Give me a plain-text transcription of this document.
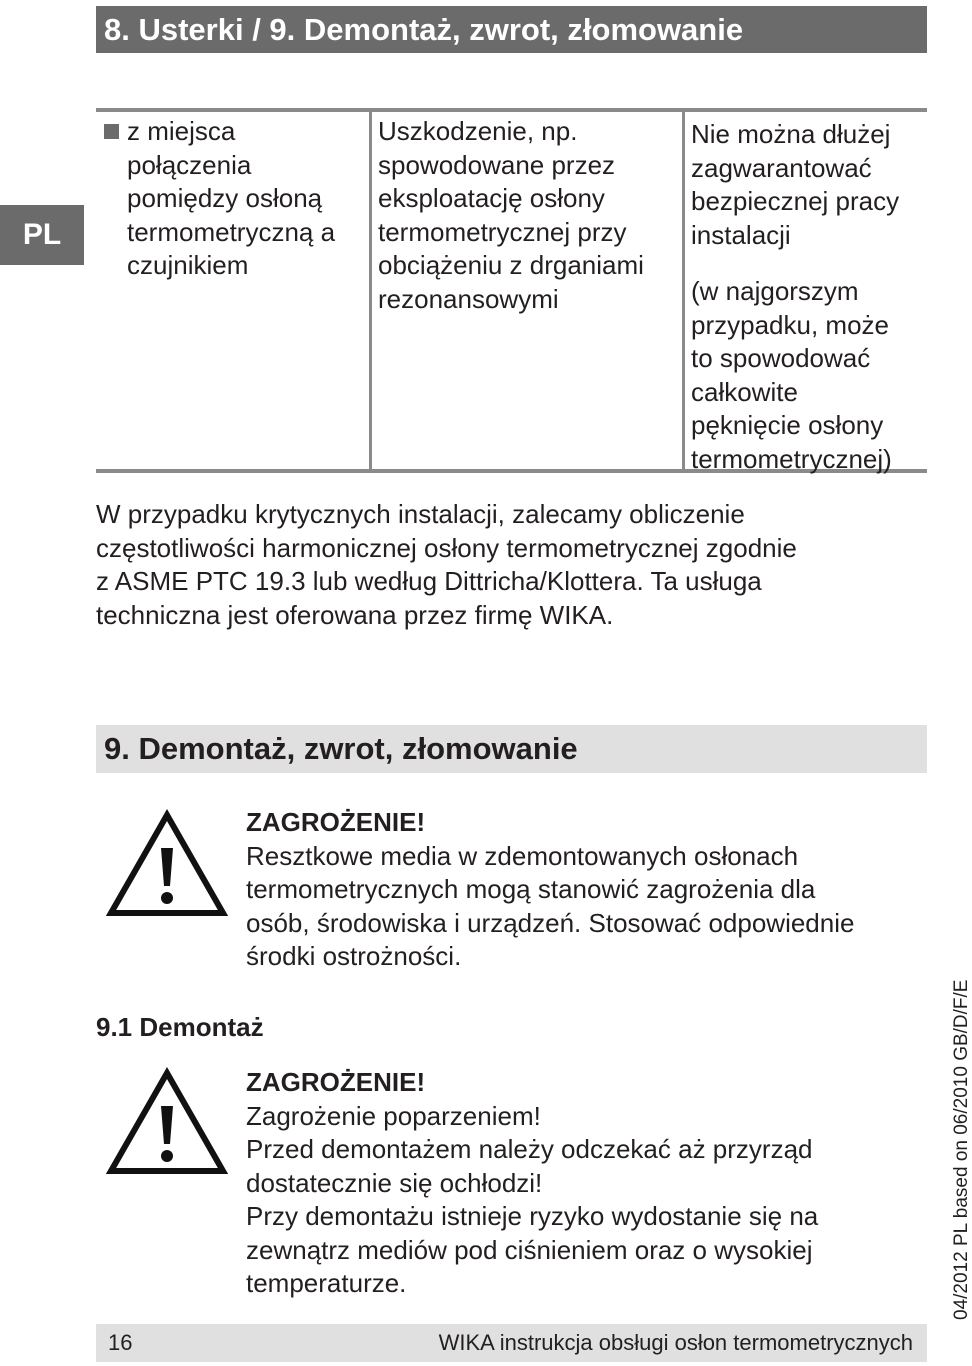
8. Usterki / 9. Demontaż, zwrot, złomowanie
PL
z miejsca
połączenia
pomiędzy osłoną
termometryczną a
czujnikiem
Uszkodzenie, np.
spowodowane przez
eksploatację osłony
termometrycznej przy
obciążeniu z drganiami
rezonansowymi
Nie można dłużej
zagwarantować
bezpiecznej pracy
instalacji
(w najgorszym
przypadku, może
to spowodować
całkowite
pęknięcie osłony
termometrycznej)
W przypadku krytycznych instalacji, zalecamy obliczenie
częstotliwości harmonicznej osłony termometrycznej zgodnie
z ASME PTC 19.3 lub według Dittricha/Klottera. Ta usługa
techniczna jest oferowana przez firmę WIKA.
9. Demontaż, zwrot, złomowanie
ZAGROŻENIE!
Resztkowe media w zdemontowanych osłonach
termometrycznych mogą stanowić zagrożenia dla
osób, środowiska i urządzeń. Stosować odpowiednie
środki ostrożności.
9.1 Demontaż
ZAGROŻENIE!
Zagrożenie poparzeniem!
Przed demontażem należy odczekać aż przyrząd
dostatecznie się ochłodzi!
Przy demontażu istnieje ryzyko wydostanie się na
zewnątrz mediów pod ciśnieniem oraz o wysokiej
temperaturze.
16	WIKA instrukcja obsługi osłon termometrycznych
04/2012 PL based on 06/2010 GB/D/F/E
